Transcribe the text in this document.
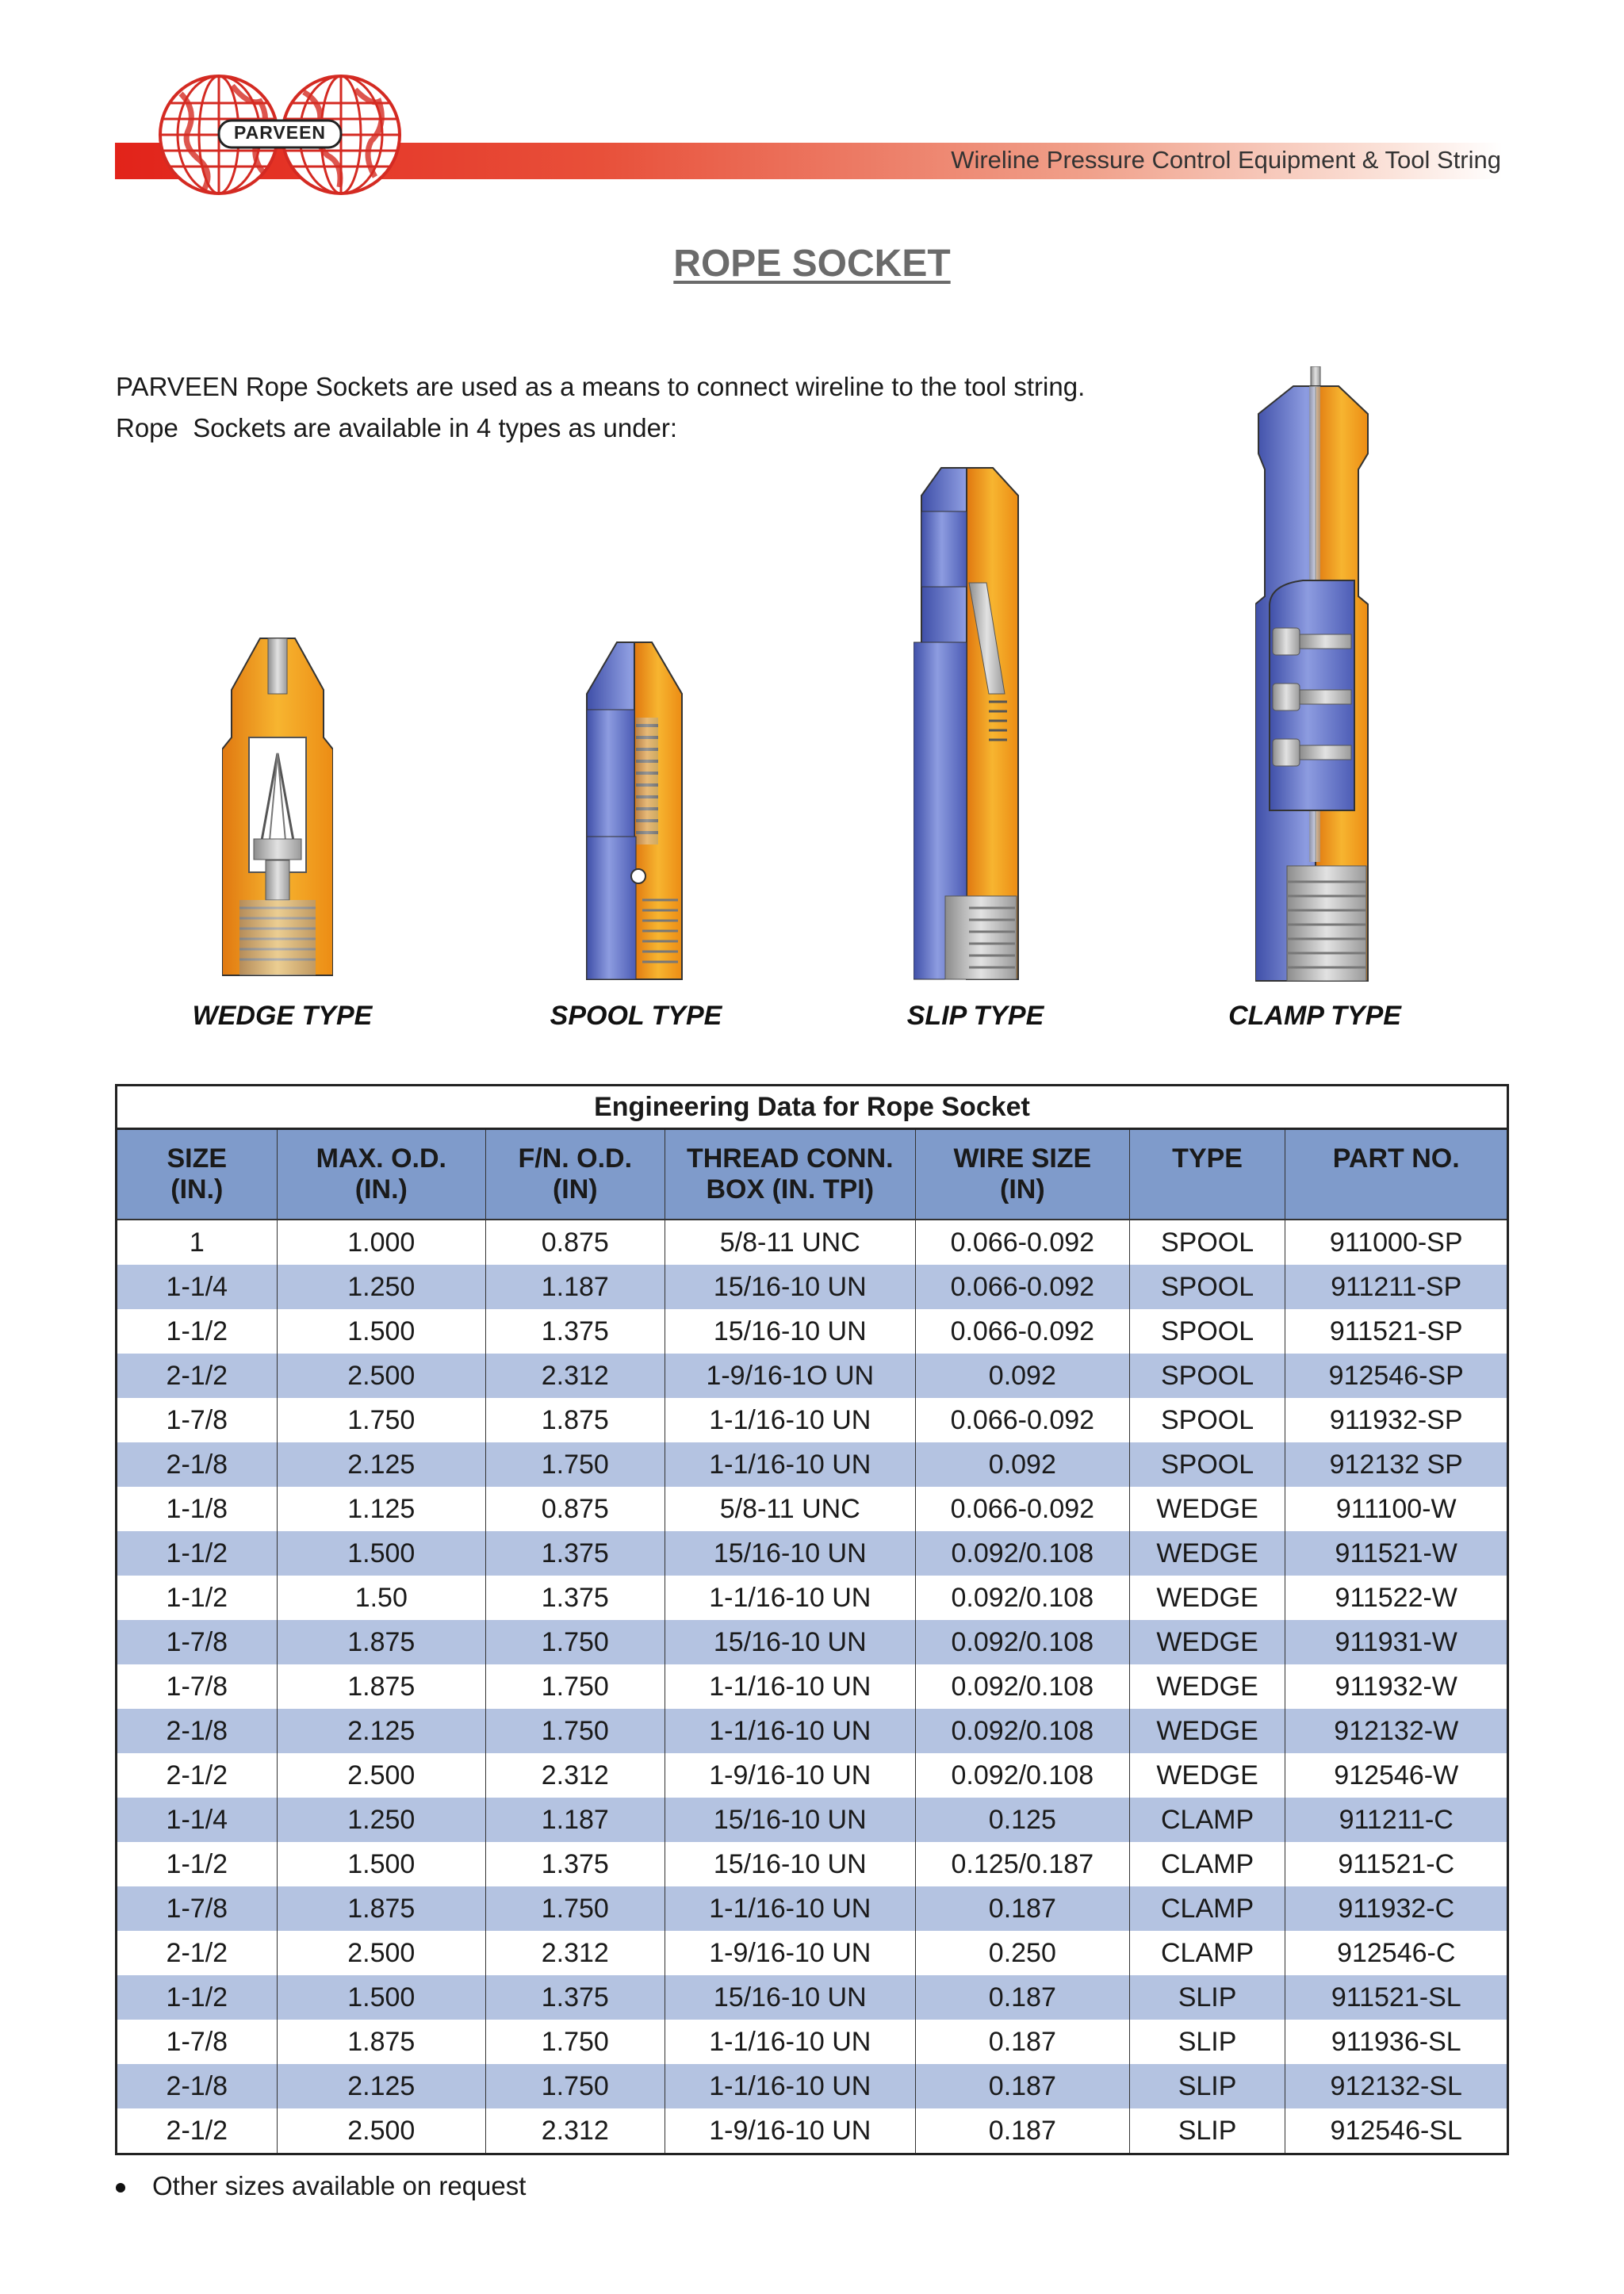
PARVEEN
Wireline Pressure Control Equipment & Tool String
ROPE SOCKET
PARVEEN Rope Sockets are used as a means to connect wireline to the tool string.
Rope  Sockets are available in 4 types as under:
WEDGE TYPE	SPOOL TYPE	SLIP TYPE	CLAMP TYPE
Engineering Data for Rope Socket						
SIZE	MAX. O.D.	F/N. O.D.	THREAD CONN.	WIRE SIZE	TYPE	PART NO.
(IN.)	(IN.)	(IN)	BOX (IN. TPI)	(IN)		
1	1.000	0.875	5/8-11 UNC	0.066-0.092	SPOOL	911000-SP
1-1/4	1.250	1.187	15/16-10 UN	0.066-0.092	SPOOL	911211-SP
1-1/2	1.500	1.375	15/16-10 UN	0.066-0.092	SPOOL	911521-SP
2-1/2	2.500	2.312	1-9/16-1O UN	0.092	SPOOL	912546-SP
1-7/8	1.750	1.875	1-1/16-10 UN	0.066-0.092	SPOOL	911932-SP
2-1/8	2.125	1.750	1-1/16-10 UN	0.092	SPOOL	912132 SP
1-1/8	1.125	0.875	5/8-11 UNC	0.066-0.092	WEDGE	911100-W
1-1/2	1.500	1.375	15/16-10 UN	0.092/0.108	WEDGE	911521-W
1-1/2	1.50	1.375	1-1/16-10 UN	0.092/0.108	WEDGE	911522-W
1-7/8	1.875	1.750	15/16-10 UN	0.092/0.108	WEDGE	911931-W
1-7/8	1.875	1.750	1-1/16-10 UN	0.092/0.108	WEDGE	911932-W
2-1/8	2.125	1.750	1-1/16-10 UN	0.092/0.108	WEDGE	912132-W
2-1/2	2.500	2.312	1-9/16-10 UN	0.092/0.108	WEDGE	912546-W
1-1/4	1.250	1.187	15/16-10 UN	0.125	CLAMP	911211-C
1-1/2	1.500	1.375	15/16-10 UN	0.125/0.187	CLAMP	911521-C
1-7/8	1.875	1.750	1-1/16-10 UN	0.187	CLAMP	911932-C
2-1/2	2.500	2.312	1-9/16-10 UN	0.250	CLAMP	912546-C
1-1/2	1.500	1.375	15/16-10 UN	0.187	SLIP	911521-SL
1-7/8	1.875	1.750	1-1/16-10 UN	0.187	SLIP	911936-SL
2-1/8	2.125	1.750	1-1/16-10 UN	0.187	SLIP	912132-SL
2-1/2	2.500	2.312	1-9/16-10 UN	0.187	SLIP	912546-SL
Other sizes available on request
